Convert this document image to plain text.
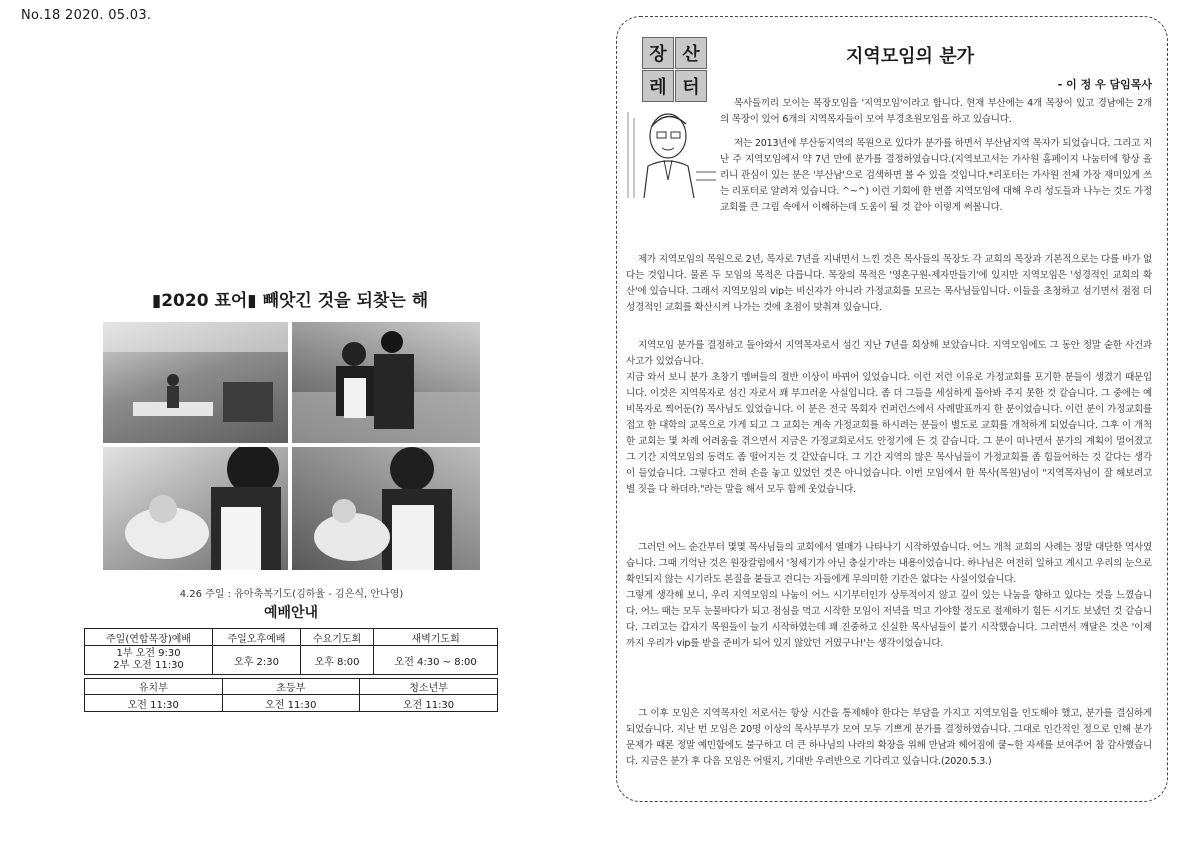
No.18 2020. 05.03.
▮2020 표어▮ 빼앗긴 것을 되찾는 해
4.26 주일 : 유아축복기도(김하율 - 김은식, 안나영)
예배안내
주일(연합목장)예배	주일오후예배	수요기도회	새벽기도회
1부 오전 9:30
2부 오전 11:30	오후 2:30	오후 8:00	오전 4:30 ~ 8:00
유치부	초등부	청소년부
오전 11:30	오전 11:30	오전 11:30
장 산
레 터
지역모임의 분가
- 이 정 우 담임목사

목사들끼리 모이는 목장모임을 '지역모임'이라고 합니다. 현재 부산에는 4개 목장이 있고 경남에는 2개의 목장이 있어 6개의 지역목자들이 모여 부경초원모임을 하고 있습니다.

저는 2013년에 부산동지역의 목원으로 있다가 분가를 하면서 부산남지역 목자가 되었습니다. 그리고 지난 주 지역모임에서 약 7년 만에 분가를 결정하였습니다.(지역보고서는 가사원 홈페이지 나눔터에 항상 올리니 관심이 있는 분은 '부산남'으로 검색하면 볼 수 있을 것입니다.*리포터는 가사원 전체 가장 재미있게 쓰는 리포터로 알려져 있습니다. ^~^) 이런 기회에 한 번쯤 지역모임에 대해 우리 성도들과 나누는 것도 가정교회를 큰 그림 속에서 이해하는데 도움이 될 것 같아 이렇게 써봅니다.

제가 지역모임의 목원으로 2년, 목자로 7년을 지내면서 느낀 것은 목사들의 목장도 각 교회의 목장과 기본적으로는 다를 바가 없다는 것입니다. 물론 두 모임의 목적은 다릅니다. 목장의 목적은 '영혼구원-제자만들기'에 있지만 지역모임은 '성경적인 교회의 확산'에 있습니다. 그래서 지역모임의 vip는 비신자가 아니라 가정교회를 모르는 목사님들입니다. 이들을 초청하고 섬기면서 점점 더 성경적인 교회를 확산시켜 나가는 것에 초점이 맞춰져 있습니다.

지역모임 분가를 결정하고 돌아와서 지역목자로서 섬긴 지난 7년을 회상해 보았습니다. 지역모임에도 그 동안 정말 숱한 사건과 사고가 있었습니다.
지금 와서 보니 분가 초창기 멤버들의 절반 이상이 바뀌어 있었습니다. 이런 저런 이유로 가정교회를 포기한 분들이 생겼기 때문입니다. 이것은 지역목자로 섬긴 자로서 꽤 부끄러운 사실입니다. 좀 더 그들을 세심하게 돌아봐 주지 못한 것 같습니다. 그 중에는 예비목자로 찍어둔(?) 목사님도 있었습니다. 이 분은 전국 목회자 컨퍼런스에서 사례발표까지 한 분이었습니다. 이런 분이 가정교회를 접고 한 대학의 교목으로 가게 되고 그 교회는 계속 가정교회를 하시려는 분들이 별도로 교회를 개척하게 되었습니다. 그후 이 개척한 교회는 몇 차례 어려움을 겪으면서 지금은 가정교회로서도 안정기에 든 것 같습니다. 그 분이 떠나면서 분가의 계획이 멀어졌고 그 기간 지역모임의 동력도 좀 떨어지는 것 같았습니다. 그 기간 지역의 많은 목사님들이 가정교회를 좀 힘들어하는 것 같다는 생각이 들었습니다. 그렇다고 전혀 손을 놓고 있었던 것은 아니었습니다. 이번 모임에서 한 목사(목원)님이 "지역목자님이 잘 해보려고 별 짓을 다 하더라."라는 말을 해서 모두 함께 웃었습니다.

그러던 어느 순간부터 몇몇 목사님들의 교회에서 열매가 나타나기 시작하였습니다. 어느 개척 교회의 사례는 정말 대단한 역사였습니다. 그때 기억난 것은 원장칼럼에서 '청세기가 아닌 충실기'라는 내용이었습니다. 하나님은 여전히 일하고 계시고 우리의 눈으로 확인되지 않는 시기라도 본질을 붙들고 견디는 자들에게 무의미한 기간은 없다는 사실이었습니다.
그렇게 생각해 보니, 우리 지역모임의 나눔이 어느 시기부터인가 상투적이지 않고 깊이 있는 나눔을 향하고 있다는 것을 느꼈습니다. 어느 때는 모두 눈물바다가 되고 점심을 먹고 시작한 모임이 저녁을 먹고 가야할 정도로 절제하기 힘든 시기도 보냈던 것 같습니다. 그리고는 갑자기 목원들이 늘기 시작하였는데 꽤 진중하고 신실한 목사님들이 붙기 시작했습니다. 그러면서 깨달은 것은 '이제까지 우리가 vip를 받을 준비가 되어 있지 않았던 거였구나!'는 생각이었습니다.

그 이후 모임은 지역목자인 저로서는 항상 시간을 통제해야 한다는 부담을 가지고 지역모임을 인도해야 했고, 분가를 결심하게 되었습니다. 지난 번 모임은 20명 이상의 목사부부가 모여 모두 기쁘게 분가를 결정하였습니다. 그대로 인간적인 정으로 인해 분가 문제가 때론 정말 예민함에도 불구하고 더 큰 하나님의 나라의 확장을 위해 만남과 헤어짐에 쿨~한 자세를 보여주어 참 감사했습니다. 지금은 분가 후 다음 모임은 어떨지, 기대반 우려반으로 기다리고 있습니다.(2020.5.3.)
